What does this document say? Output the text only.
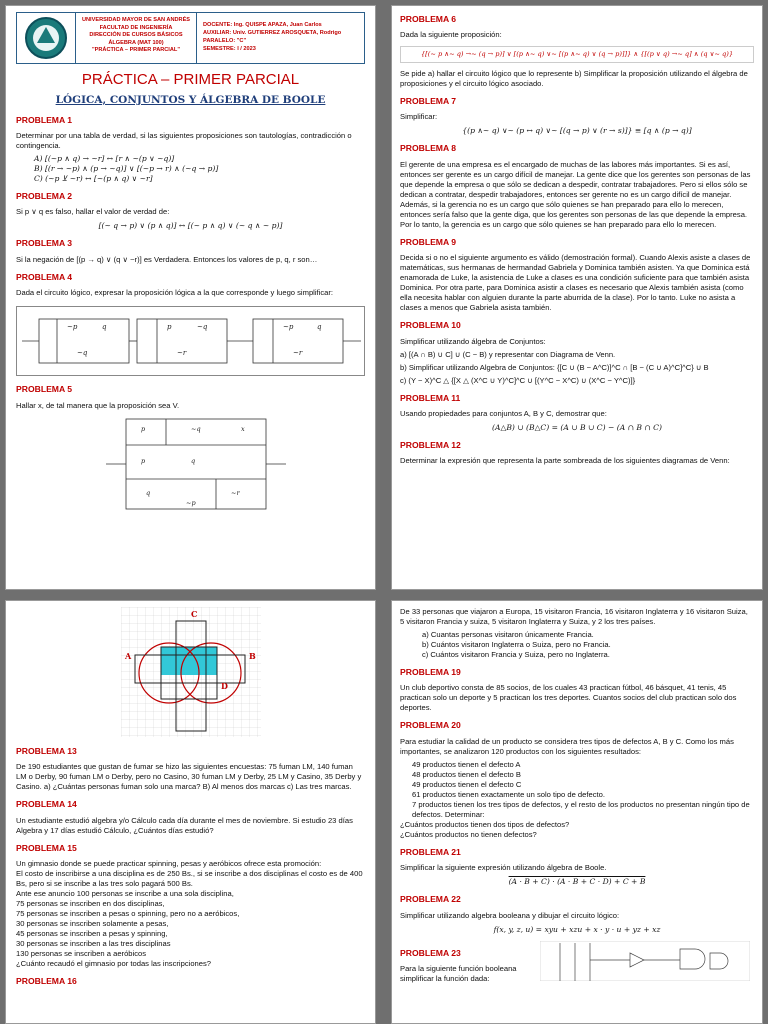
UNIVERSIDAD MAYOR DE SAN ANDRÉS
FACULTAD DE INGENIERÍA
DIRECCIÓN DE CURSOS BÁSICOS
ÁLGEBRA (MAT 100)
"PRÁCTICA – PRIMER PARCIAL"
DOCENTE: Ing. QUISPE APAZA, Juan Carlos
AUXILIAR: Univ. GUTIERREZ AROSQUETA, Rodrigo
PARALELO: "C"
SEMESTRE: I / 2023
PRÁCTICA – PRIMER PARCIAL
LÓGICA, CONJUNTOS Y ÁLGEBRA DE BOOLE
PROBLEMA 1
Determinar por una tabla de verdad, si las siguientes proposiciones son tautologías, contradicción o contingencia.
A) [(~p ∧ q) → ~r] ↔ [r ∧ ~(p ∨ ~q)]
B) [(r → ~p) ∧ (p → ~q)] ∨ [(~p → r) ∧ (~q → p)]
C) (~p ⊻ ~r) ↔ [~(p ∧ q) ∨ ~r]
PROBLEMA 2
Si p ∨ q es falso, hallar el valor de verdad de:
[(~ q → p) ∨ (p ∧ q)] ↔ [(~ p ∧ q) ∨ (~ q ∧ ~ p)]
PROBLEMA 3
Si la negación de [(p → q) ∨ (q ∨ ~r)] es Verdadera. Entonces los valores de p, q, r son…
PROBLEMA 4
Dada el circuito lógico, expresar la proposición lógica a la que corresponde y luego simplificar:
~p	q
~q
p	~q
~r
~p	q
~r
PROBLEMA 5
Hallar x, de tal manera que la proposición sea V.
p	~q	x
p	q
q	~r
~p
PROBLEMA 6
Dada la siguiente proposición:
{[(~ p ∧~ q) →~ (q → p)] ∨ [(p ∧~ q) ∨~ [(p ∧~ q) ∨ (q → p)]]} ∧ {[(p ∨ q) →~ q] ∧ (q ∨~ q)}
Se pide a) hallar el circuito lógico que lo represente b) Simplificar la proposición utilizando el álgebra de proposiciones y el circuito lógico asociado.
PROBLEMA 7
Simplificar:
{(p ∧~ q) ∨~ (p ↔ q) ∨~ [(q → p) ∨ (r → s)]} ≡ [q ∧ (p → q)]
PROBLEMA 8
El gerente de una empresa es el encargado de muchas de las labores más importantes. Si es así, entonces ser gerente es un cargo difícil de manejar. La gente dice que los gerentes son personas de las que depende la empresa o que sólo se dedican a despedir, contratar trabajadores. Pero si ellos sólo se dedican a contratar, despedir trabajadores, entonces ser gerente no es un cargo difícil de manejar. Además, si la gerencia no es un cargo que sólo quienes se han preparado para ello lo merecen, entonces sería falso que la gente diga, que los gerentes son personas de las que depende la empresa. Por lo tanto, la gerencia es un cargo que sólo quienes se han preparado para ello lo merecen.
PROBLEMA 9
Decida si o no el siguiente argumento es válido (demostración formal). Cuando Alexis asiste a clases de matemáticas, sus hermanas de hermandad Gabriela y Dominica también asisten. Ya que Dominica está enamorada de Luke, la asistencia de Luke a clases es una condición suficiente para que también asista Dominica. Por otra parte, para Dominica asistir a clases es necesario que Alexis también asista (como ella necesita hablar con alguien durante la parte aburrida de la clase). Por lo tanto. Luke no asista a clases a menos que Gabriela asista también.
PROBLEMA 10
Simplificar utilizando álgebra de Conjuntos:
a) [(A ∩ B) ∪ C] ∪ (C − B) y representar con Diagrama de Venn.
b) Simplificar utilizando Algebra de Conjuntos: {[C ∪ (B − A^C)]^C ∩ [B − (C ∪ A)^C]^C} ∪ B
c) (Y − X)^C △ {[X △ (X^C ∪ Y)^C]^C ∪ [(Y^C − X^C) ∪ (X^C − Y^C)]}
PROBLEMA 11
Usando propiedades para conjuntos A, B y C, demostrar que:
(A△B) ∪ (B△C) = (A ∪ B ∪ C) − (A ∩ B ∩ C)
PROBLEMA 12
Determinar la expresión que representa la parte sombreada de los siguientes diagramas de Venn:
C
A	B
D
PROBLEMA 13
De 190 estudiantes que gustan de fumar se hizo las siguientes encuestas: 75 fuman LM, 140 fuman LM o Derby, 90 fuman LM o Derby, pero no Casino, 30 fuman LM y Derby, 25 LM y Casino, 35 Derby y Casino. a) ¿Cuántas personas fuman solo una marca? B) Al menos dos marcas c) Las tres marcas.
PROBLEMA 14
Un estudiante estudió algebra y/o Cálculo cada día durante el mes de noviembre. Si estudio 23 días Algebra y 17 días estudió Cálculo, ¿Cuántos días estudió?
PROBLEMA 15
Un gimnasio donde se puede practicar spinning, pesas y aeróbicos ofrece esta promoción:
El costo de inscribirse a una disciplina es de 250 Bs., si se inscribe a dos disciplinas el costo es de 400 Bs, pero si se inscribe a las tres solo pagará 500 Bs.
Ante ese anuncio 100 personas se inscribe a una sola disciplina,
75 personas se inscriben en dos disciplinas,
75 personas se inscriben a pesas o spinning, pero no a aeróbicos,
30 personas se inscriben solamente a pesas,
45 personas se inscriben a pesas y spinning,
30 personas se inscriben a las tres disciplinas
130 personas se inscriben a aeróbicos
¿Cuánto recaudó el gimnasio por todas las inscripciones?
PROBLEMA 16
De 33 personas que viajaron a Europa, 15 visitaron Francia, 16 visitaron Inglaterra y 16 visitaron Suiza, 5 visitaron Francia y suiza, 5 visitaron Inglaterra y Suiza, y 2 los tres países.
a) Cuantas personas visitaron únicamente Francia.
b) Cuántos visitaron Inglaterra o Suiza, pero no Francia.
c) Cuántos visitaron Francia y Suiza, pero no Inglaterra.
PROBLEMA 19
Un club deportivo consta de 85 socios, de los cuales 43 practican fútbol, 46 básquet, 41 tenis, 45 practican solo un deporte y 5 practican los tres deportes. Cuantos socios del club practican solo dos deportes.
PROBLEMA 20
Para estudiar la calidad de un producto se considera tres tipos de defectos A, B y C. Como los más importantes, se analizaron 120 productos con los siguientes resultados:
49 productos tienen el defecto A
48 productos tienen el defecto B
49 productos tienen el defecto C
61 productos tienen exactamente un solo tipo de defecto.
7 productos tienen los tres tipos de defectos, y el resto de los productos no presentan ningún tipo de defectos. Determinar:
¿Cuántos productos tienen dos tipos de defectos?
¿Cuántos productos no tienen defectos?
PROBLEMA 21
Simplificar la siguiente expresión utilizando álgebra de Boole.
(A · B + C) · (A · B + C · D) + C + B
PROBLEMA 22
Simplificar utilizando algebra booleana y dibujar el circuito lógico:
f(x, y, z, u) = xyu + xzu + x · y · u + yz + xz
PROBLEMA 23
Para la siguiente función booleana simplificar la función dada:
